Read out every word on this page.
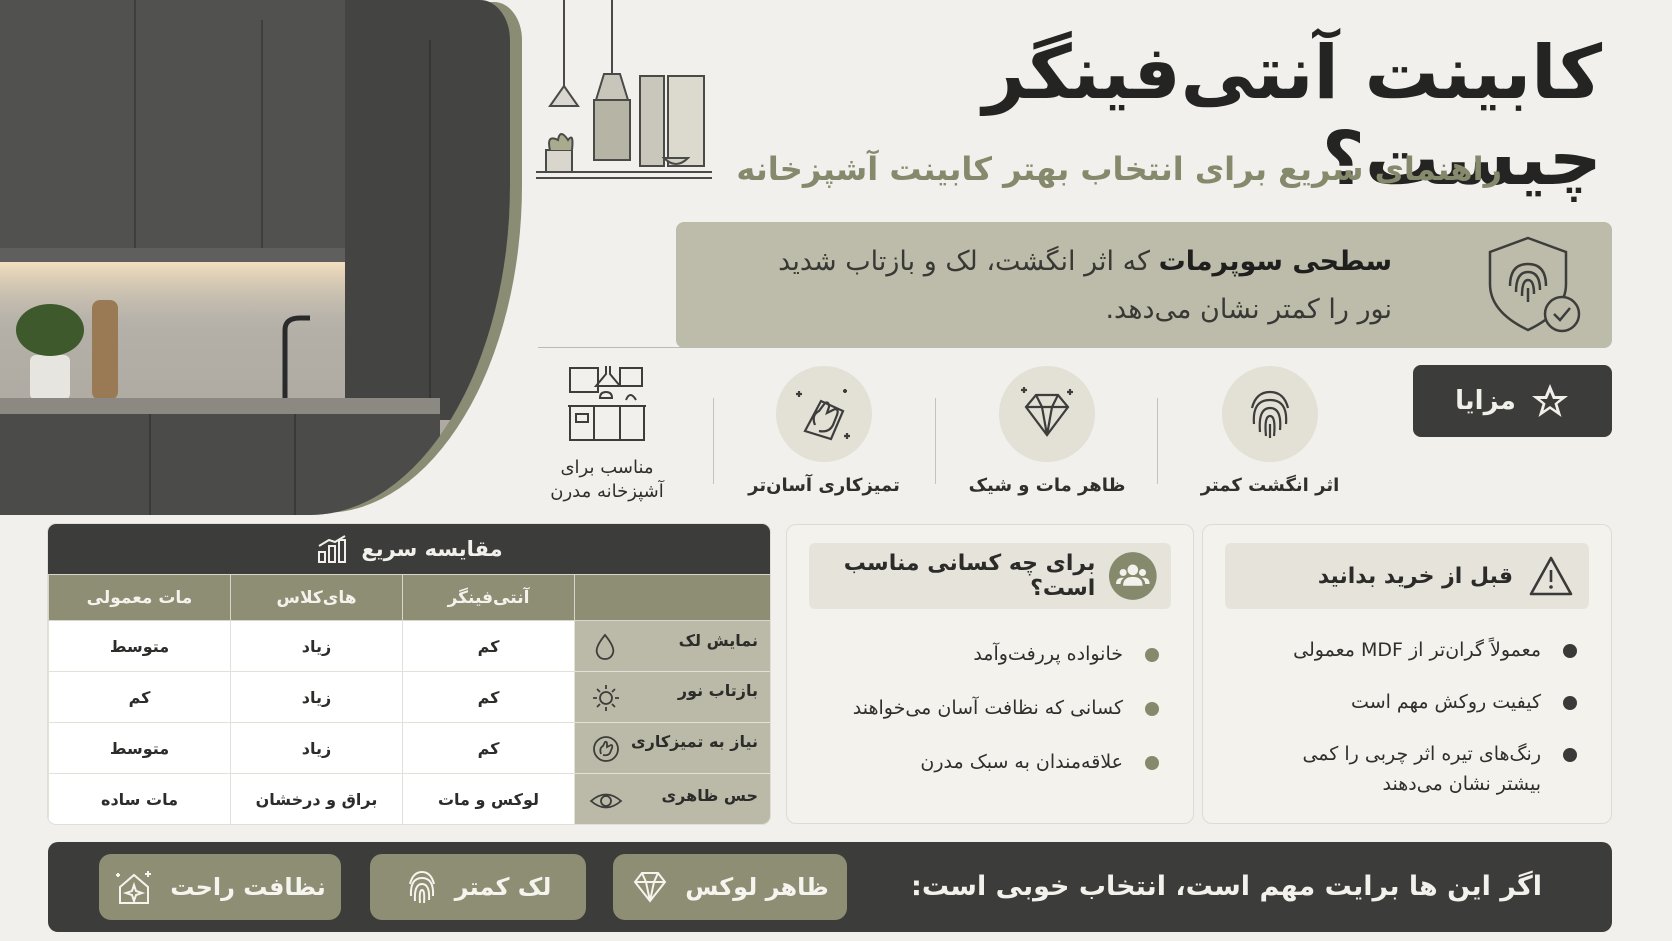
کابینت آنتی‌فینگر چیست؟
راهنمای سریع برای انتخاب بهتر کابینت آشپزخانه
سطحی سوپرمات که اثر انگشت، لک و بازتاب شدید
نور را کمتر نشان می‌دهد.
مزایا
اثر انگشت کمتر
ظاهر مات و شیک
تمیزکاری آسان‌تر
مناسب برای
آشپزخانه مدرن
مقایسه سریع
	آنتی‌فینگر	های‌کلاس	مات معمولی

نمایش لک	کم	زیاد	متوسط

بازتاب نور	کم	زیاد	کم

نیاز به تمیزکاری	کم	زیاد	متوسط

حس ظاهری	لوکس و مات	براق و درخشان	مات ساده
برای چه کسانی مناسب است؟
خانواده پررفت‌وآمد
کسانی که نظافت آسان می‌خواهند
علاقه‌مندان به سبک مدرن
قبل از خرید بدانید
معمولاً گران‌تر از MDF معمولی
کیفیت روکش مهم است
رنگ‌های تیره اثر چربی را کمی
بیشتر نشان می‌دهند
اگر این ها برایت مهم است، انتخاب خوبی است:
ظاهر لوکس
لک کمتر
نظافت راحت
